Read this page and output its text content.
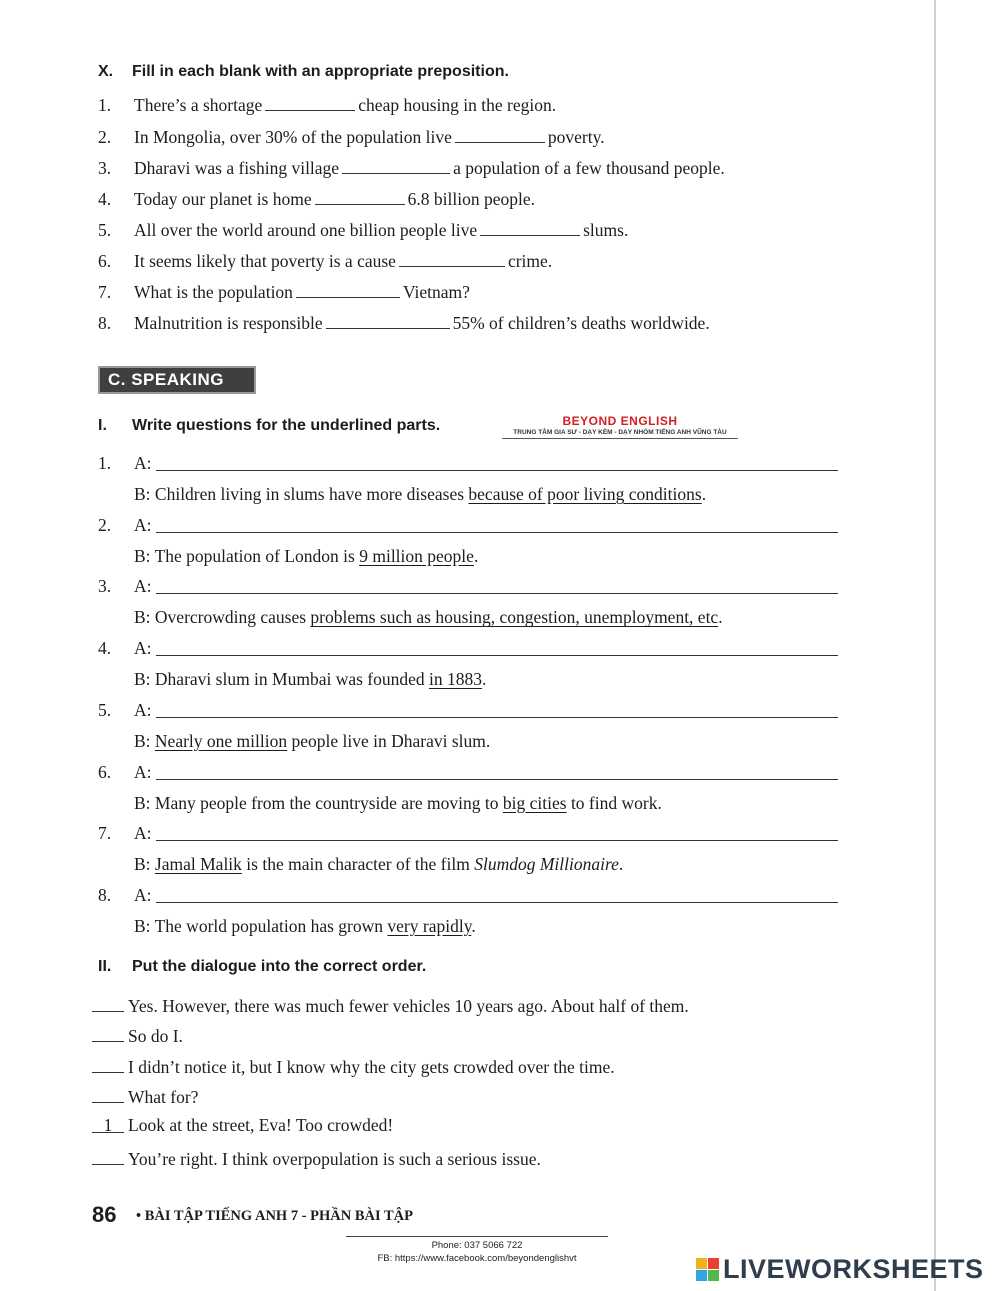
X. Fill in each blank with an appropriate preposition.
1.	There’s a shortage	cheap housing in the region.
2.	In Mongolia, over 30% of the population live	poverty.
3.	Dharavi was a fishing village	a population of a few thousand people.
4.	Today our planet is home	6.8 billion people.
5.	All over the world around one billion people live	slums.
6.	It seems likely that poverty is a cause	crime.
7.	What is the population	Vietnam?
8.	Malnutrition is responsible	55% of children’s deaths worldwide.
C. SPEAKING
I. Write questions for the underlined parts.	BEYOND ENGLISH
TRUNG TÂM GIA SƯ - DẠY KÈM - DẠY NHÓM TIẾNG ANH VŨNG TÀU
1.	A:
B: Children living in slums have more diseases because of poor living conditions.
2.	A:
B: The population of London is 9 million people.
3.	A:
B: Overcrowding causes problems such as housing, congestion, unemployment, etc.
4.	A:
B: Dharavi slum in Mumbai was founded in 1883.
5.	A:
B: Nearly one million people live in Dharavi slum.
6.	A:
B: Many people from the countryside are moving to big cities to find work.
7.	A:
B: Jamal Malik is the main character of the film Slumdog Millionaire.
8.	A:
B: The world population has grown very rapidly.
II. Put the dialogue into the correct order.
Yes. However, there was much fewer vehicles 10 years ago. About half of them.
So do I.
I didn’t notice it, but I know why the city gets crowded over the time.
What for?
1 Look at the street, Eva! Too crowded!
You’re right. I think overpopulation is such a serious issue.
86 • BÀI TẬP TIẾNG ANH 7 - PHẦN BÀI TẬP
Phone: 037 5066 722
FB: https://www.facebook.com/beyondenglishvt	LIVEWORKSHEETS
